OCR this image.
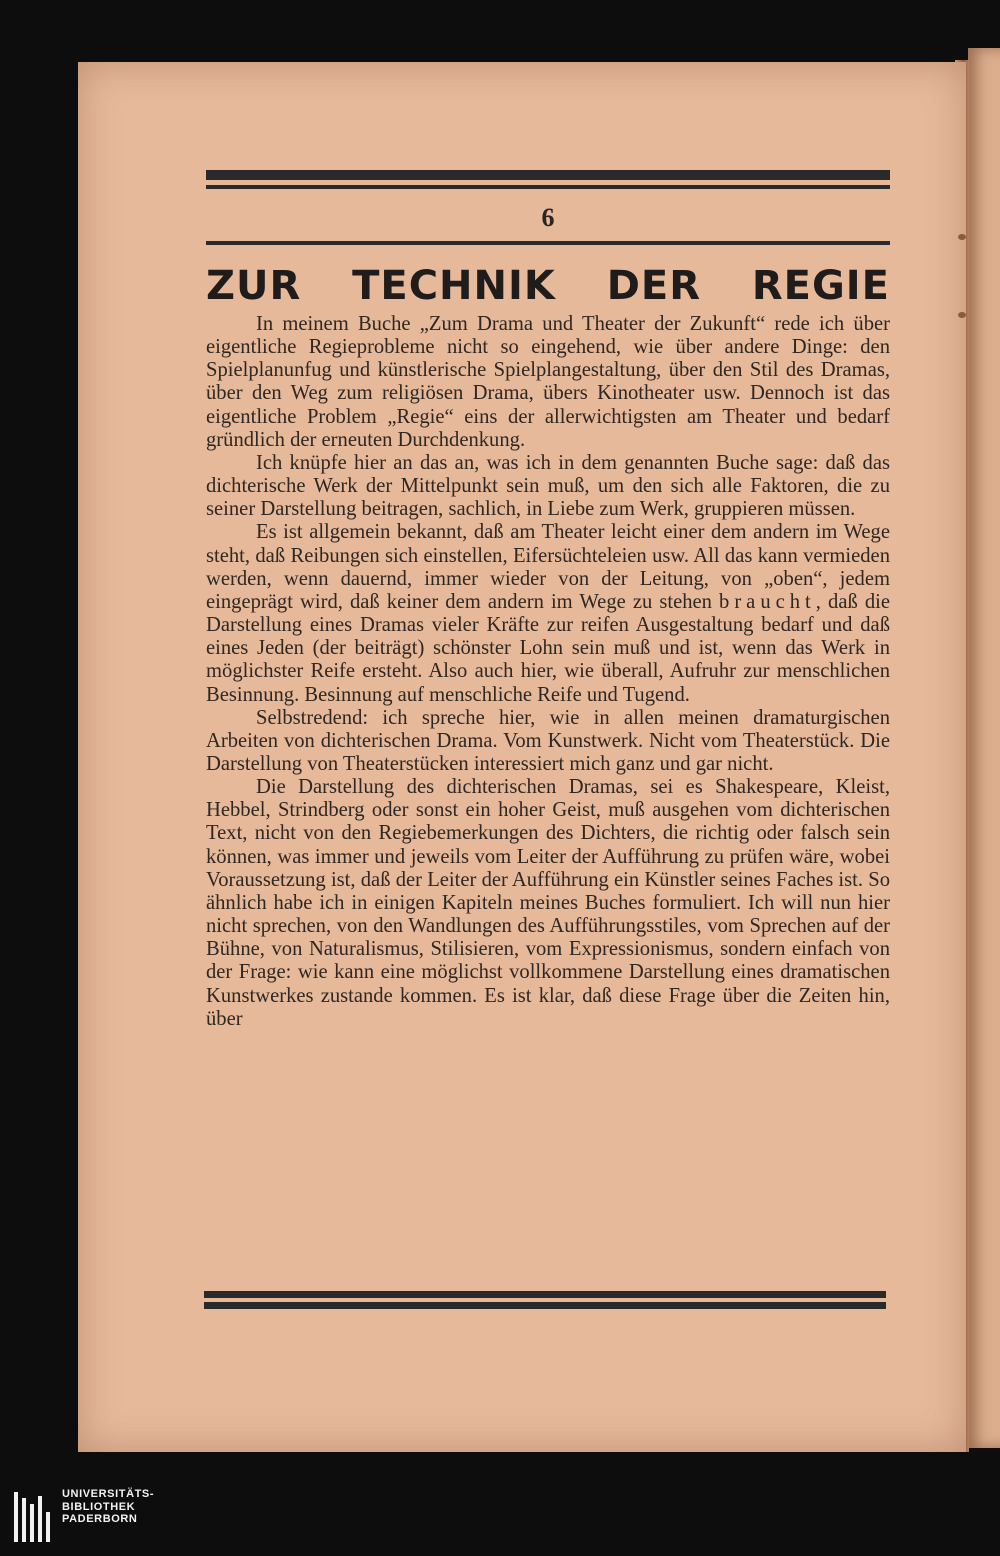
6
ZUR TECHNIK DER REGIE

In meinem Buche „Zum Drama und Theater der Zukunft“ rede ich über eigentliche Regieprobleme nicht so eingehend, wie über andere Dinge: den Spielplanunfug und künstlerische Spielplangestaltung, über den Stil des Dramas, über den Weg zum religiösen Drama, übers Kinotheater usw. Dennoch ist das eigentliche Problem „Regie“ eins der allerwichtigsten am Theater und bedarf gründlich der erneuten Durchdenkung.

Ich knüpfe hier an das an, was ich in dem genannten Buche sage: daß das dichterische Werk der Mittelpunkt sein muß, um den sich alle Faktoren, die zu seiner Darstellung beitragen, sachlich, in Liebe zum Werk, gruppieren müssen.

Es ist allgemein bekannt, daß am Theater leicht einer dem andern im Wege steht, daß Reibungen sich einstellen, Eifersüchteleien usw. All das kann vermieden werden, wenn dauernd, immer wieder von der Leitung, von „oben“, jedem eingeprägt wird, daß keiner dem andern im Wege zu stehen braucht, daß die Darstellung eines Dramas vieler Kräfte zur reifen Ausgestaltung bedarf und daß eines Jeden (der beiträgt) schönster Lohn sein muß und ist, wenn das Werk in möglichster Reife ersteht. Also auch hier, wie überall, Aufruhr zur menschlichen Besinnung. Besinnung auf menschliche Reife und Tugend.

Selbstredend: ich spreche hier, wie in allen meinen dramaturgischen Arbeiten von dichterischen Drama. Vom Kunstwerk. Nicht vom Theaterstück. Die Darstellung von Theaterstücken interessiert mich ganz und gar nicht.

Die Darstellung des dichterischen Dramas, sei es Shakespeare, Kleist, Hebbel, Strindberg oder sonst ein hoher Geist, muß ausgehen vom dichterischen Text, nicht von den Regiebemerkungen des Dichters, die richtig oder falsch sein können, was immer und jeweils vom Leiter der Aufführung zu prüfen wäre, wobei Voraussetzung ist, daß der Leiter der Aufführung ein Künstler seines Faches ist. So ähnlich habe ich in einigen Kapiteln meines Buches formuliert. Ich will nun hier nicht sprechen, von den Wandlungen des Aufführungsstiles, vom Sprechen auf der Bühne, von Naturalismus, Stilisieren, vom Expressionismus, sondern einfach von der Frage: wie kann eine möglichst vollkommene Darstellung eines dramatischen Kunstwerkes zustande kommen. Es ist klar, daß diese Frage über die Zeiten hin, über

UNIVERSITÄTS-
BIBLIOTHEK
PADERBORN
